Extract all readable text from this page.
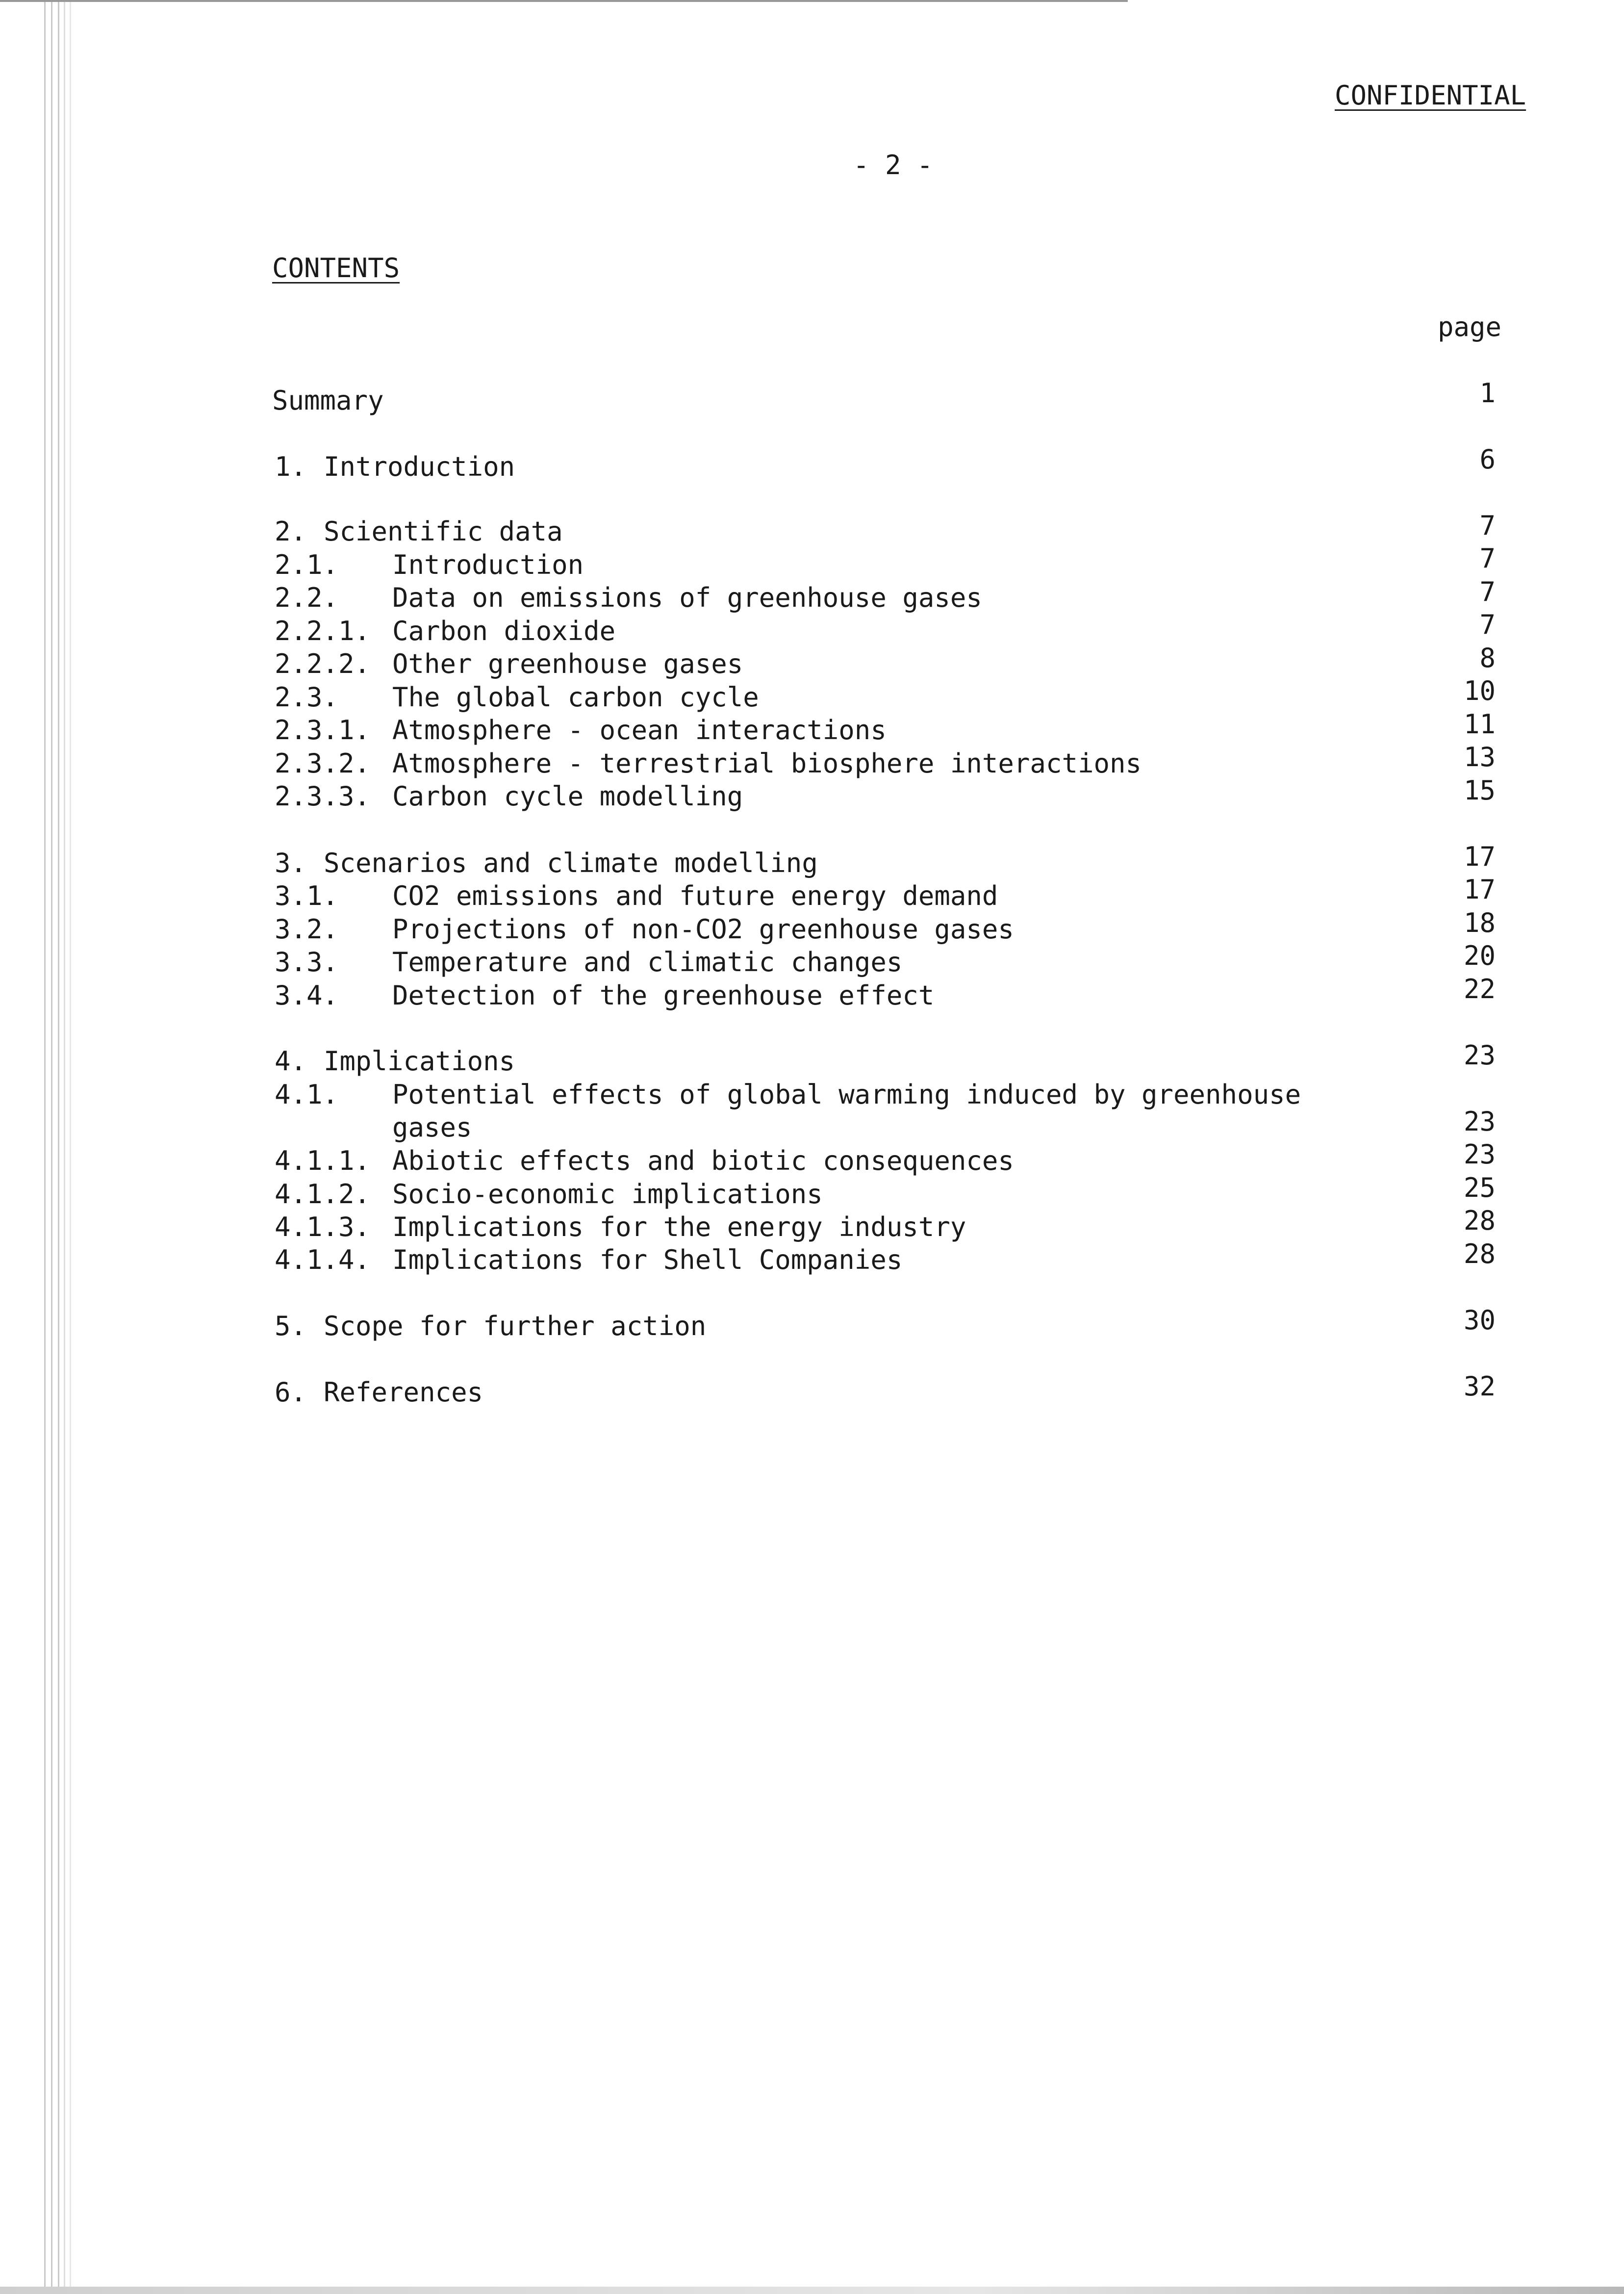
CONFIDENTIAL
- 2 -
CONTENTS
page
Summary	1
1. Introduction	6
2. Scientific data	7
2.1. Introduction	7
2.2. Data on emissions of greenhouse gases	7
2.2.1. Carbon dioxide	7
2.2.2. Other greenhouse gases	8
2.3. The global carbon cycle	10
2.3.1. Atmosphere - ocean interactions	11
2.3.2. Atmosphere - terrestrial biosphere interactions	13
2.3.3. Carbon cycle modelling	15
3. Scenarios and climate modelling	17
3.1. CO2 emissions and future energy demand	17
3.2. Projections of non-CO2 greenhouse gases	18
3.3. Temperature and climatic changes	20
3.4. Detection of the greenhouse effect	22
4. Implications	23
4.1. Potential effects of global warming induced by greenhouse
gases	23
4.1.1. Abiotic effects and biotic consequences	23
4.1.2. Socio-economic implications	25
4.1.3. Implications for the energy industry	28
4.1.4. Implications for Shell Companies	28
5. Scope for further action	30
6. References	32
